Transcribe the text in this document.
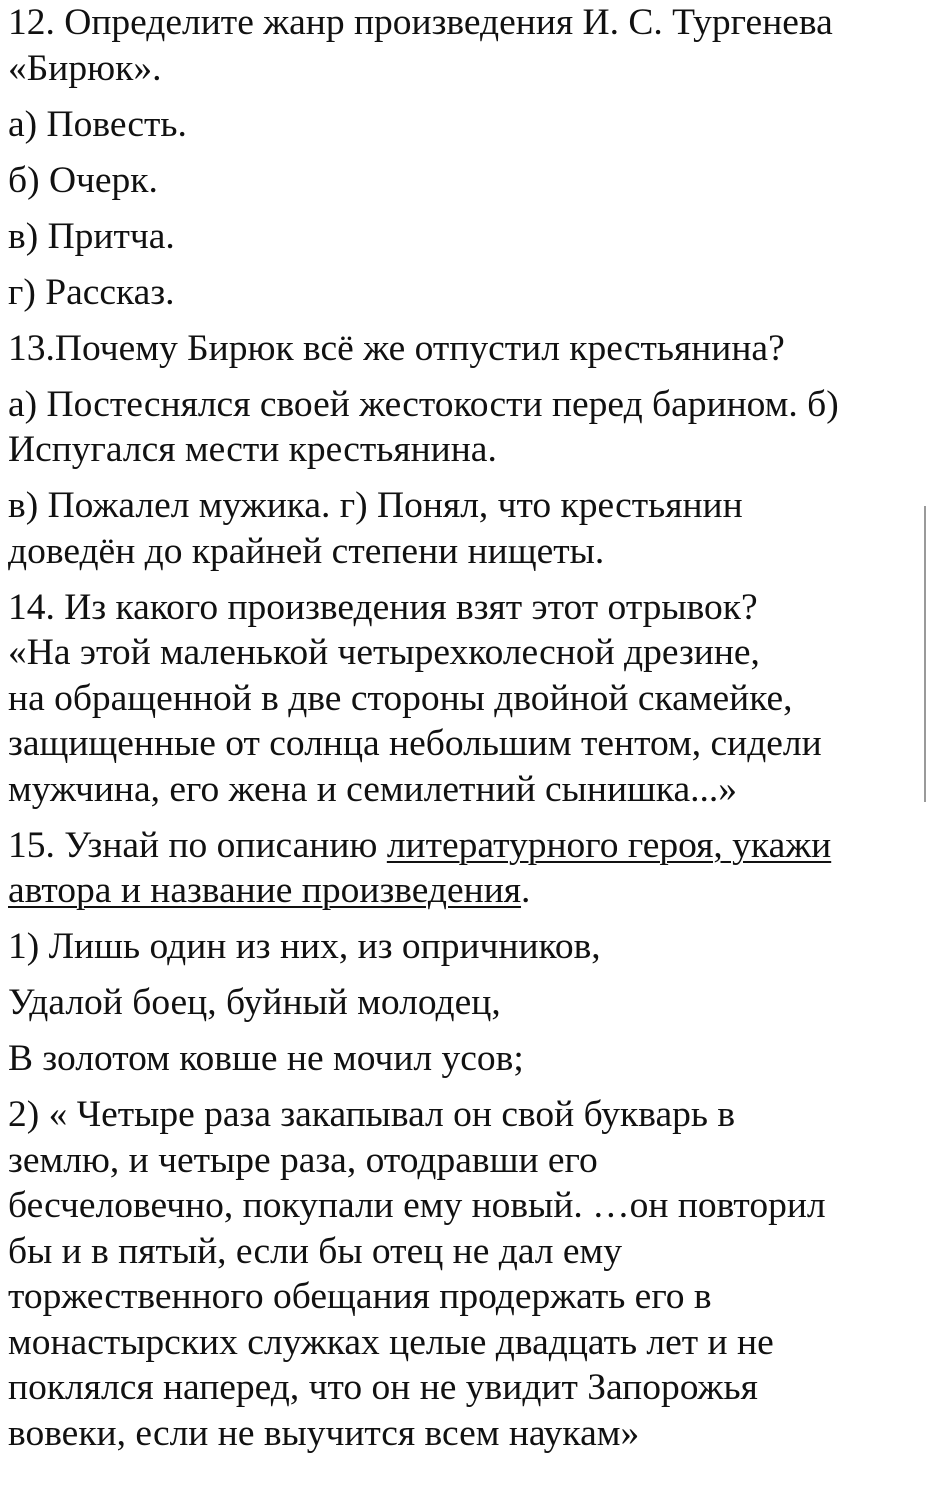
12. Определите жанр произведения И. С. Тургенева
«Бирюк».

а) Повесть.

б) Очерк.

в) Притча.

г) Рассказ.

13.Почему Бирюк всё же отпустил крестьянина?

а) Постеснялся своей жестокости перед барином. б)
Испугался мести крестьянина.

в) Пожалел мужика. г) Понял, что крестьянин
доведён до крайней степени нищеты.

14. Из какого произведения взят этот отрывок?
«На этой маленькой четырехколесной дрезине,
на обращенной в две стороны двойной скамейке,
защищенные от солнца небольшим тентом, сидели
мужчина, его жена и семилетний сынишка...»

15. Узнай по описанию литературного героя, укажи
автора и название произведения.

1) Лишь один из них, из опричников,

Удалой боец, буйный молодец,

В золотом ковше не мочил усов;

2) « Четыре раза закапывал он свой букварь в
землю, и четыре раза, отодравши его
бесчеловечно, покупали ему новый. …он повторил
бы и в пятый, если бы отец не дал ему
торжественного обещания продержать его в
монастырских служках целые двадцать лет и не
поклялся наперед, что он не увидит Запорожья
вовеки, если не выучится всем наукам»
